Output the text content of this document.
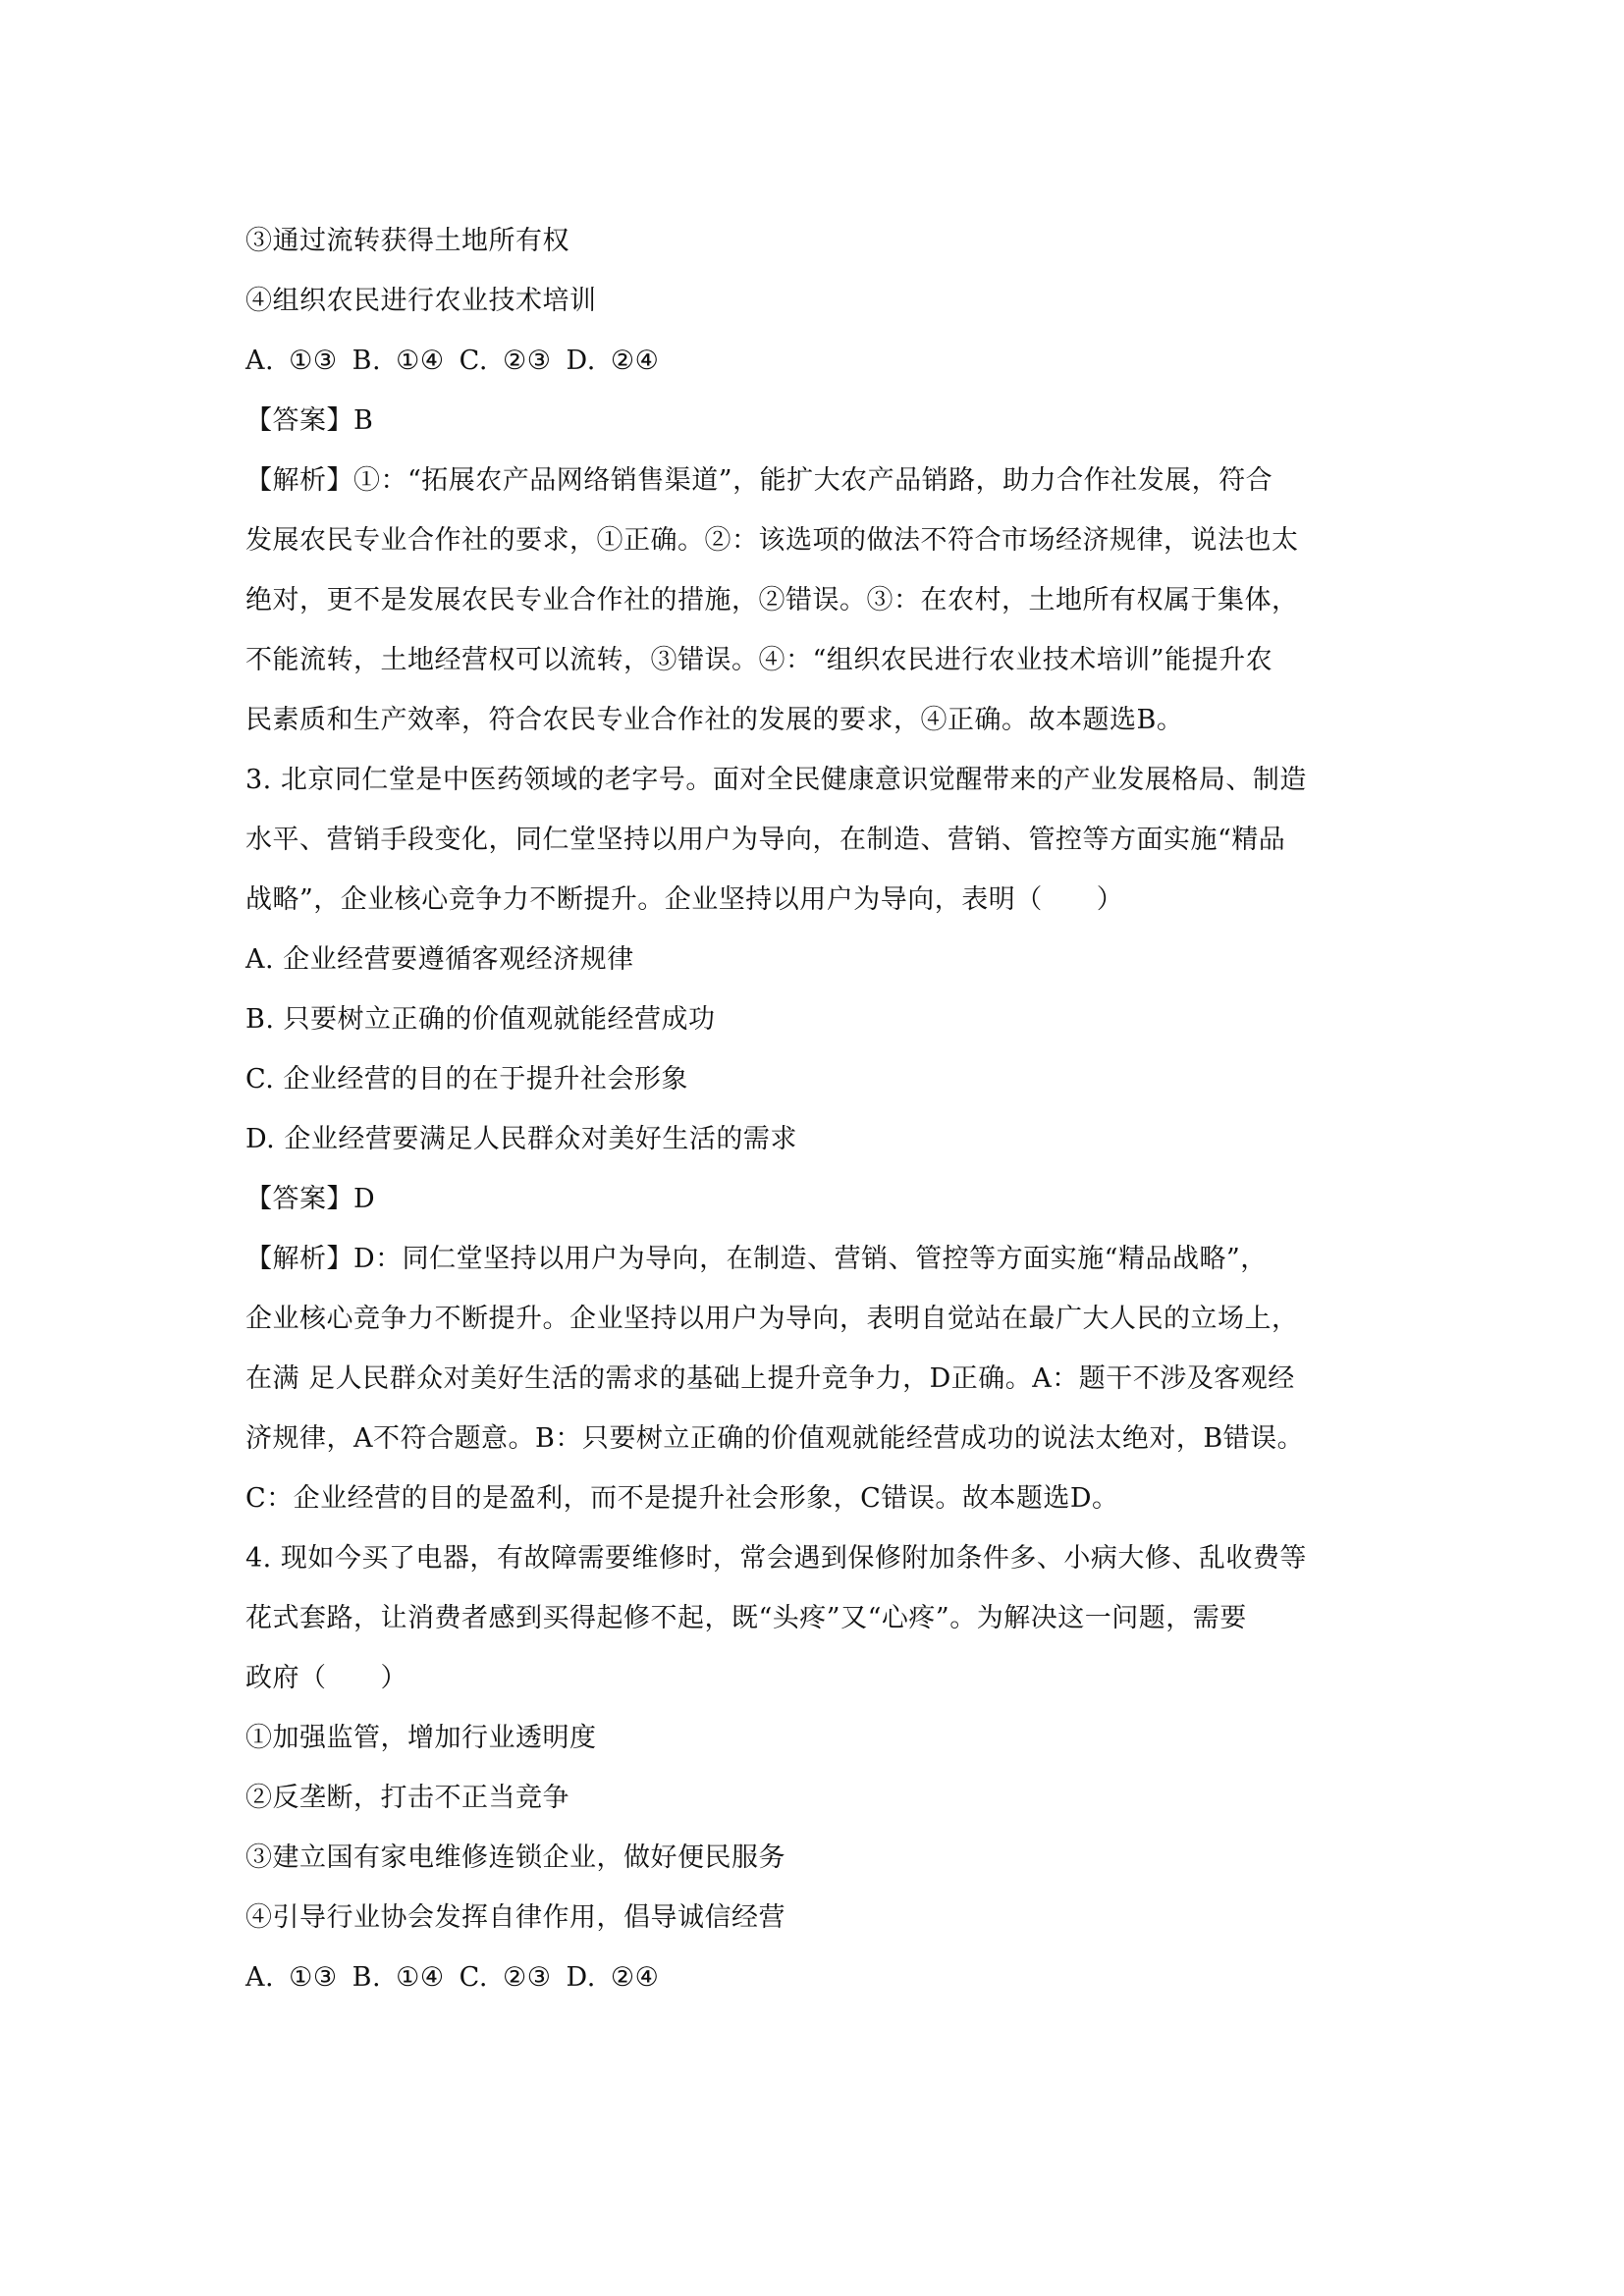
③通过流转获得土地所有权
④组织农民进行农业技术培训
A. ①③ B. ①④ C. ②③ D. ②④
【答案】B
【解析】①：“拓展农产品网络销售渠道”，能扩大农产品销路，助力合作社发展，符合
发展农民专业合作社的要求，①正确。②：该选项的做法不符合市场经济规律，说法也太
绝对，更不是发展农民专业合作社的措施，②错误。③：在农村，土地所有权属于集体，
不能流转，土地经营权可以流转，③错误。④：“组织农民进行农业技术培训”能提升农
民素质和生产效率，符合农民专业合作社的发展的要求，④正确。故本题选B。
3. 北京同仁堂是中医药领域的老字号。面对全民健康意识觉醒带来的产业发展格局、制造
水平、营销手段变化，同仁堂坚持以用户为导向，在制造、营销、管控等方面实施“精品
战略”，企业核心竞争力不断提升。企业坚持以用户为导向，表明（　　）
A. 企业经营要遵循客观经济规律
B. 只要树立正确的价值观就能经营成功
C. 企业经营的目的在于提升社会形象
D. 企业经营要满足人民群众对美好生活的需求
【答案】D
【解析】D：同仁堂坚持以用户为导向，在制造、营销、管控等方面实施“精品战略”，
企业核心竞争力不断提升。企业坚持以用户为导向，表明自觉站在最广大人民的立场上，
在满 足人民群众对美好生活的需求的基础上提升竞争力，D正确。A：题干不涉及客观经
济规律，A不符合题意。B：只要树立正确的价值观就能经营成功的说法太绝对，B错误。
C：企业经营的目的是盈利，而不是提升社会形象，C错误。故本题选D。
4. 现如今买了电器，有故障需要维修时，常会遇到保修附加条件多、小病大修、乱收费等
花式套路，让消费者感到买得起修不起，既“头疼”又“心疼”。为解决这一问题，需要
政府（　　）
①加强监管，增加行业透明度
②反垄断，打击不正当竞争
③建立国有家电维修连锁企业，做好便民服务
④引导行业协会发挥自律作用，倡导诚信经营
A. ①③ B. ①④ C. ②③ D. ②④
